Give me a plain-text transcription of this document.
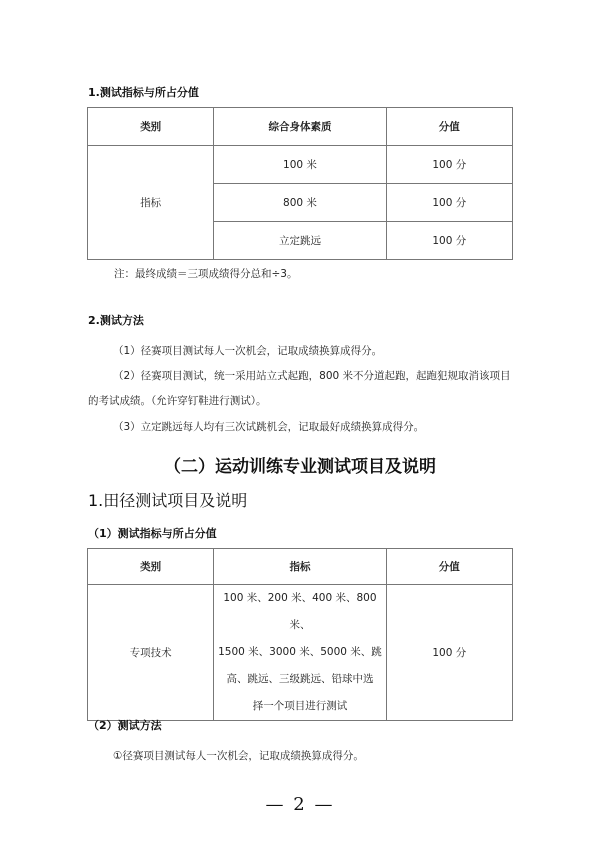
1.测试指标与所占分值
类别	综合身体素质	分值
指标	100 米	100 分
	800 米	100 分
	立定跳远	100 分
注：最终成绩＝三项成绩得分总和÷3。
2.测试方法
（1）径赛项目测试每人一次机会，记取成绩换算成得分。
（2）径赛项目测试，统一采用站立式起跑，800 米不分道起跑，起跑犯规取消该项目
的考试成绩。（允许穿钉鞋进行测试）。
（3）立定跳远每人均有三次试跳机会，记取最好成绩换算成得分。
（二）运动训练专业测试项目及说明
1.田径测试项目及说明
（1）测试指标与所占分值
类别	指标	分值
专项技术	100 米、200 米、400 米、800 米、
1500 米、3000 米、5000 米、跳
高、跳远、三级跳远、铅球中选
择一个项目进行测试	100 分
（2）测试方法
①径赛项目测试每人一次机会，记取成绩换算成得分。
— 2 —
